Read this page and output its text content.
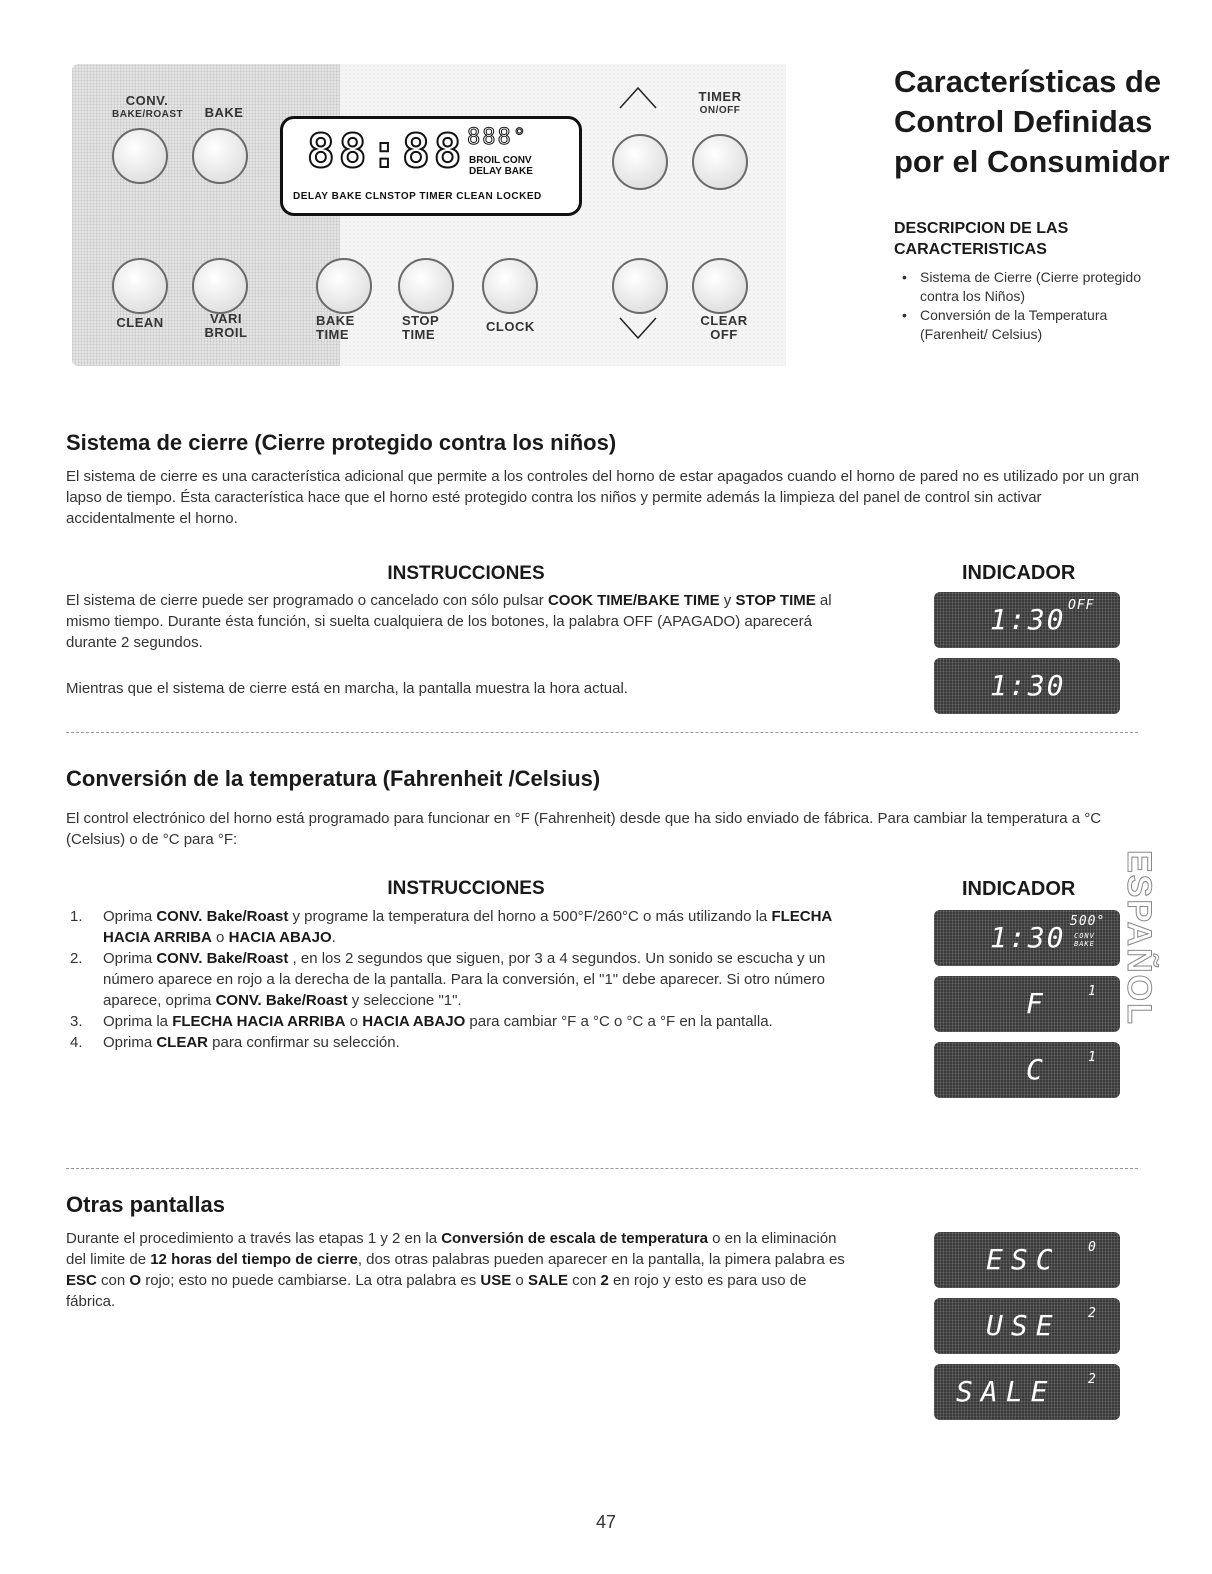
CONV.
BAKE/ROAST	BAKE
CLEAN	VARI
BROIL
88:88 888°
BROIL CONV
DELAY BAKE
DELAY BAKE CLNSTOP TIMER CLEAN LOCKED
TIMER
ON/OFF
BAKE
TIME
STOP
TIME
CLOCK	CLEAR
OFF
Características de Control Definidas por el Consumidor
DESCRIPCION DE LAS CARACTERISTICAS
• Sistema de Cierre (Cierre protegido contra los Niños)
• Conversión de la Temperatura (Farenheit/ Celsius)
Sistema de cierre (Cierre protegido contra los niños)

El sistema de cierre es una característica adicional que permite a los controles del horno de estar apagados cuando el horno de pared no es utilizado por un gran lapso de tiempo. Ésta característica hace que el horno esté protegido contra los niños y permite además la limpieza del panel de control sin activar accidentalmente el horno.

INSTRUCCIONES	INDICADOR

El sistema de cierre puede ser programado o cancelado con sólo pulsar COOK TIME/BAKE TIME y STOP TIME al mismo tiempo. Durante ésta función, si suelta cualquiera de los botones, la palabra OFF (APAGADO) aparecerá durante 2 segundos.

Mientras que el sistema de cierre está en marcha, la pantalla muestra la hora actual.

1:30 OFF
1:30
Conversión de la temperatura (Fahrenheit /Celsius)

El control electrónico del horno está programado para funcionar en °F (Fahrenheit) desde que ha sido enviado de fábrica. Para cambiar la temperatura a °C (Celsius) o de °C para °F:

INSTRUCCIONES	INDICADOR
1. Oprima CONV. Bake/Roast y programe la temperatura del horno a 500°F/260°C o más utilizando la FLECHA HACIA ARRIBA o HACIA ABAJO.
2. Oprima CONV. Bake/Roast , en los 2 segundos que siguen, por 3 a 4 segundos. Un sonido se escucha y un número aparece en rojo a la derecha de la pantalla. Para la conversión, el "1" debe aparecer. Si otro número aparece, oprima CONV. Bake/Roast y seleccione "1".
3. Oprima la FLECHA HACIA ARRIBA o HACIA ABAJO para cambiar °F a °C o °C a °F en la pantalla.
4. Oprima CLEAR para confirmar su selección.
1:30 500°
CONV BAKE
F	1
C	1
ESPAÑOL
Otras pantallas

Durante el procedimiento a través las etapas 1 y 2 en la Conversión de escala de temperatura o en la eliminación del limite de 12 horas del tiempo de cierre, dos otras palabras pueden aparecer en la pantalla, la pimera palabra es ESC con O rojo; esto no puede cambiarse. La otra palabra es USE o SALE con 2 en rojo y esto es para uso de fábrica.

ESC 0
USE 2
SALE	2
47
